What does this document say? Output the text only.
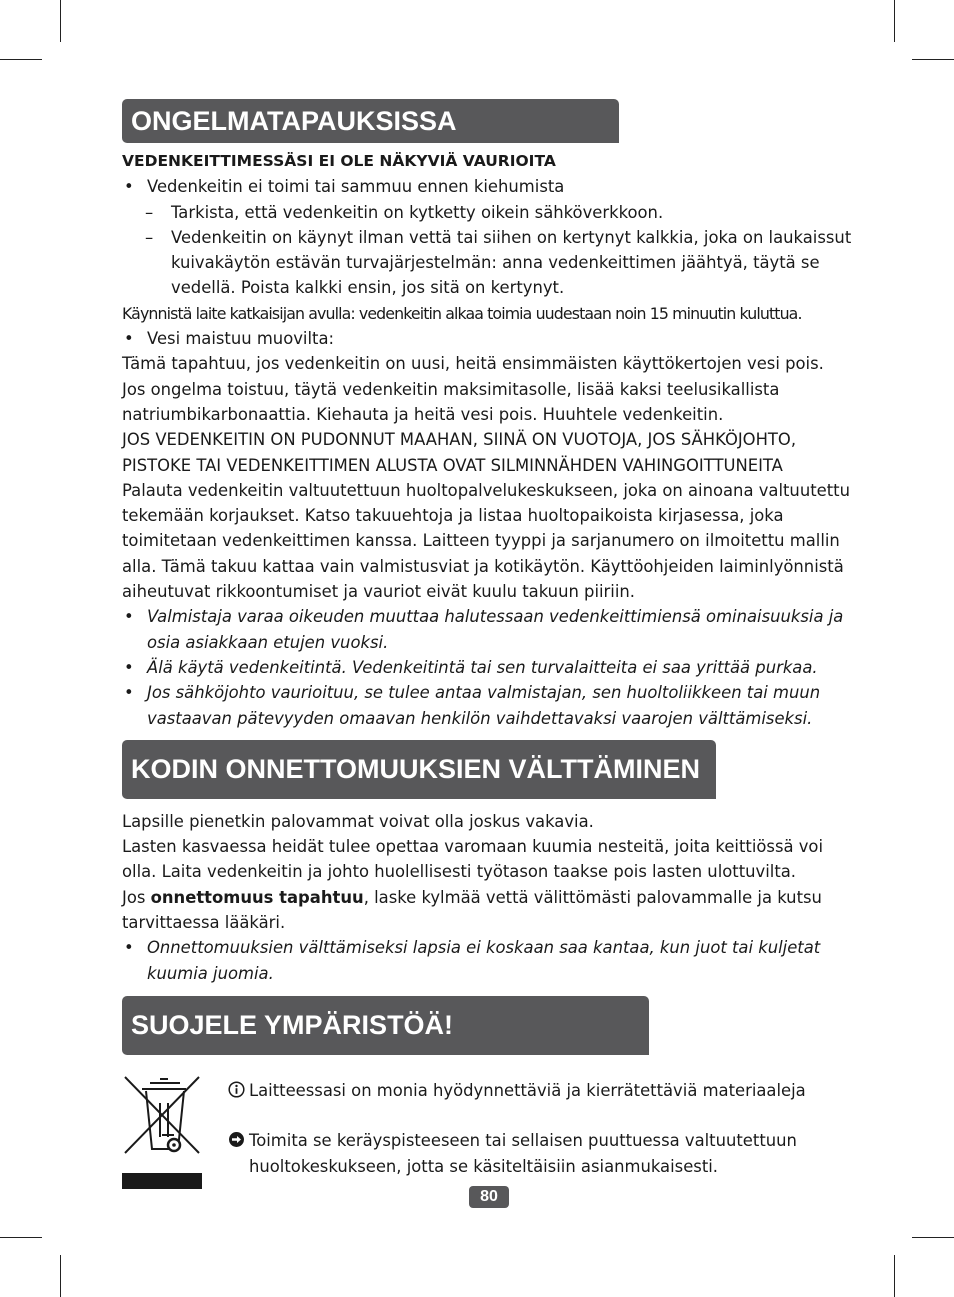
ONGELMATAPAUKSISSA

VEDENKEITTIMESSÄSI EI OLE NÄKYVIÄ VAURIOITA

• Vedenkeitin ei toimi tai sammuu ennen kiehumista

– Tarkista, että vedenkeitin on kytketty oikein sähköverkkoon.

– Vedenkeitin on käynyt ilman vettä tai siihen on kertynyt kalkkia, joka on laukaissut kuivakäytön estävän turvajärjestelmän: anna vedenkeittimen jäähtyä, täytä se vedellä. Poista kalkki ensin, jos sitä on kertynyt.

Käynnistä laite katkaisijan avulla: vedenkeitin alkaa toimia uudestaan noin 15 minuutin kuluttua.

• Vesi maistuu muovilta:

Tämä tapahtuu, jos vedenkeitin on uusi, heitä ensimmäisten käyttökertojen vesi pois. Jos ongelma toistuu, täytä vedenkeitin maksimitasolle, lisää kaksi teelusikallista natriumbikarbonaattia. Kiehauta ja heitä vesi pois. Huuhtele vedenkeitin.

JOS VEDENKEITIN ON PUDONNUT MAAHAN, SIINÄ ON VUOTOJA, JOS SÄHKÖJOHTO, PISTOKE TAI VEDENKEITTIMEN ALUSTA OVAT SILMINNÄHDEN VAHINGOITTUNEITA

Palauta vedenkeitin valtuutettuun huoltopalvelukeskukseen, joka on ainoana valtuutettu tekemään korjaukset. Katso takuuehtoja ja listaa huoltopaikoista kirjasessa, joka toimitetaan vedenkeittimen kanssa. Laitteen tyyppi ja sarjanumero on ilmoitettu mallin alla. Tämä takuu kattaa vain valmistusviat ja kotikäytön. Käyttöohjeiden laiminlyönnistä aiheutuvat rikkoontumiset ja vauriot eivät kuulu takuun piiriin.

• Valmistaja varaa oikeuden muuttaa halutessaan vedenkeittimiensä ominaisuuksia ja osia asiakkaan etujen vuoksi.

• Älä käytä vedenkeitintä. Vedenkeitintä tai sen turvalaitteita ei saa yrittää purkaa.

• Jos sähköjohto vaurioituu, se tulee antaa valmistajan, sen huoltoliikkeen tai muun vastaavan pätevyyden omaavan henkilön vaihdettavaksi vaarojen välttämiseksi.

KODIN ONNETTOMUUKSIEN VÄLTTÄMINEN

Lapsille pienetkin palovammat voivat olla joskus vakavia.

Lasten kasvaessa heidät tulee opettaa varomaan kuumia nesteitä, joita keittiössä voi olla. Laita vedenkeitin ja johto huolellisesti työtason taakse pois lasten ulottuvilta.

Jos onnettomuus tapahtuu, laske kylmää vettä välittömästi palovammalle ja kutsu tarvittaessa lääkäri.

• Onnettomuuksien välttämiseksi lapsia ei koskaan saa kantaa, kun juot tai kuljetat kuumia juomia.

SUOJELE YMPÄRISTÖÄ!
Laitteessasi on monia hyödynnettäviä ja kierrätettäviä materiaaleja
Toimita se keräyspisteeseen tai sellaisen puuttuessa valtuutettuun huoltokeskukseen, jotta se käsiteltäisiin asianmukaisesti.
80
